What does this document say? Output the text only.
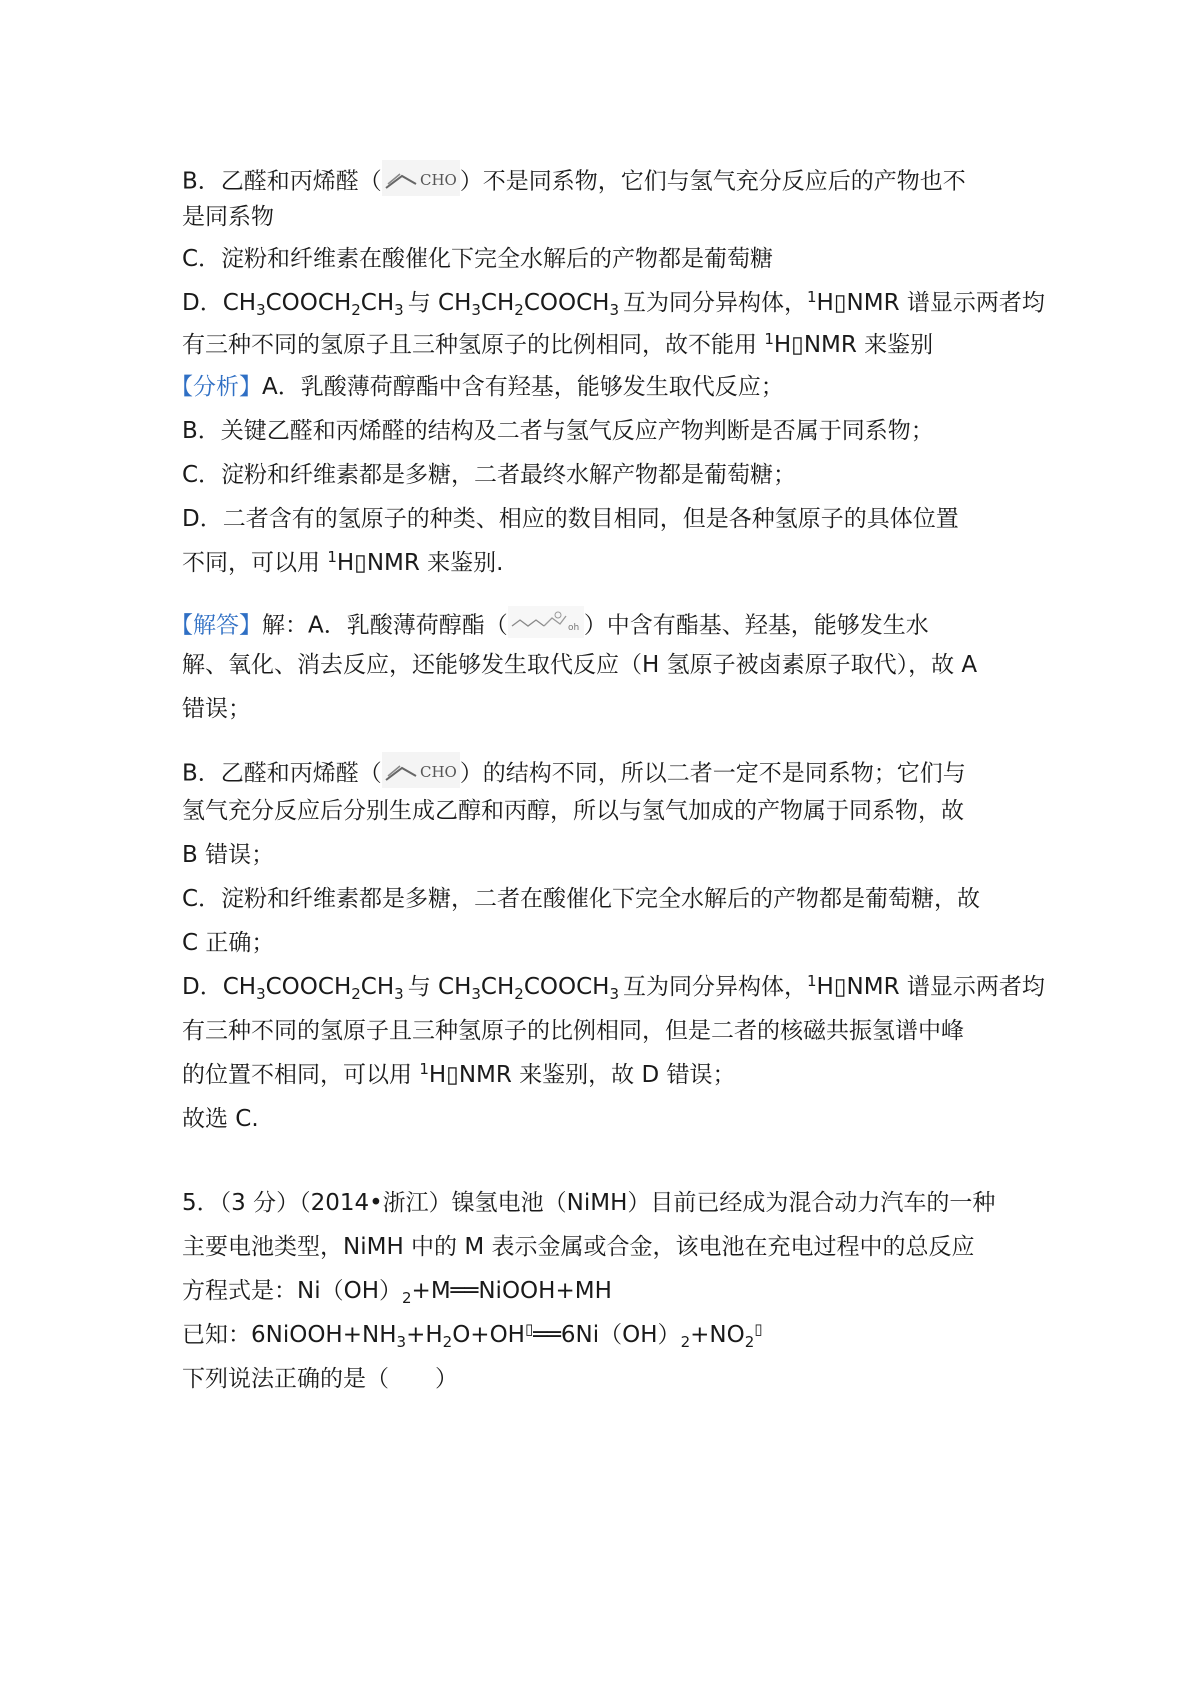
B．乙醛和丙烯醛（	CHO ）不是同系物，它们与氢气充分反应后的产物也不
是同系物
C．淀粉和纤维素在酸催化下完全水解后的产物都是葡萄糖
D．$CH_3COOCH_2CH_3$ 与 $CH_3CH_2COOCH_3$ 互为同分异构体，$^1$H▯NMR 谱显示两者均
有三种不同的氢原子且三种氢原子的比例相同，故不能用 $^1$H▯NMR 来鉴别
【分析】A．乳酸薄荷醇酯中含有羟基，能够发生取代反应；
B．关键乙醛和丙烯醛的结构及二者与氢气反应产物判断是否属于同系物；
C．淀粉和纤维素都是多糖，二者最终水解产物都是葡萄糖；
D．二者含有的氢原子的种类、相应的数目相同，但是各种氢原子的具体位置
不同，可以用 $^1$H▯NMR 来鉴别.
【解答】解：A．乳酸薄荷醇酯（	oh ）中含有酯基、羟基，能够发生水
解、氧化、消去反应，还能够发生取代反应（H 氢原子被卤素原子取代），故 A
错误；
B．乙醛和丙烯醛（	CHO ）的结构不同，所以二者一定不是同系物；它们与
氢气充分反应后分别生成乙醇和丙醇，所以与氢气加成的产物属于同系物，故
B 错误；
C．淀粉和纤维素都是多糖，二者在酸催化下完全水解后的产物都是葡萄糖，故
C 正确；
D．$CH_3COOCH_2CH_3$ 与 $CH_3CH_2COOCH_3$ 互为同分异构体，$^1$H▯NMR 谱显示两者均
有三种不同的氢原子且三种氢原子的比例相同，但是二者的核磁共振氢谱中峰
的位置不相同，可以用 $^1$H▯NMR 来鉴别，故 D 错误；
故选 C.
5．（3 分）（2014•浙江）镍氢电池（NiMH）目前已经成为混合动力汽车的一种
主要电池类型，NiMH 中的 M 表示金属或合金，该电池在充电过程中的总反应
方程式是：$Ni(OH)_2+M══NiOOH+MH$
已知：$6NiOOH+NH_3+H_2O+OH^▯══6Ni(OH)_2+NO_2^▯$
下列说法正确的是（　　）
